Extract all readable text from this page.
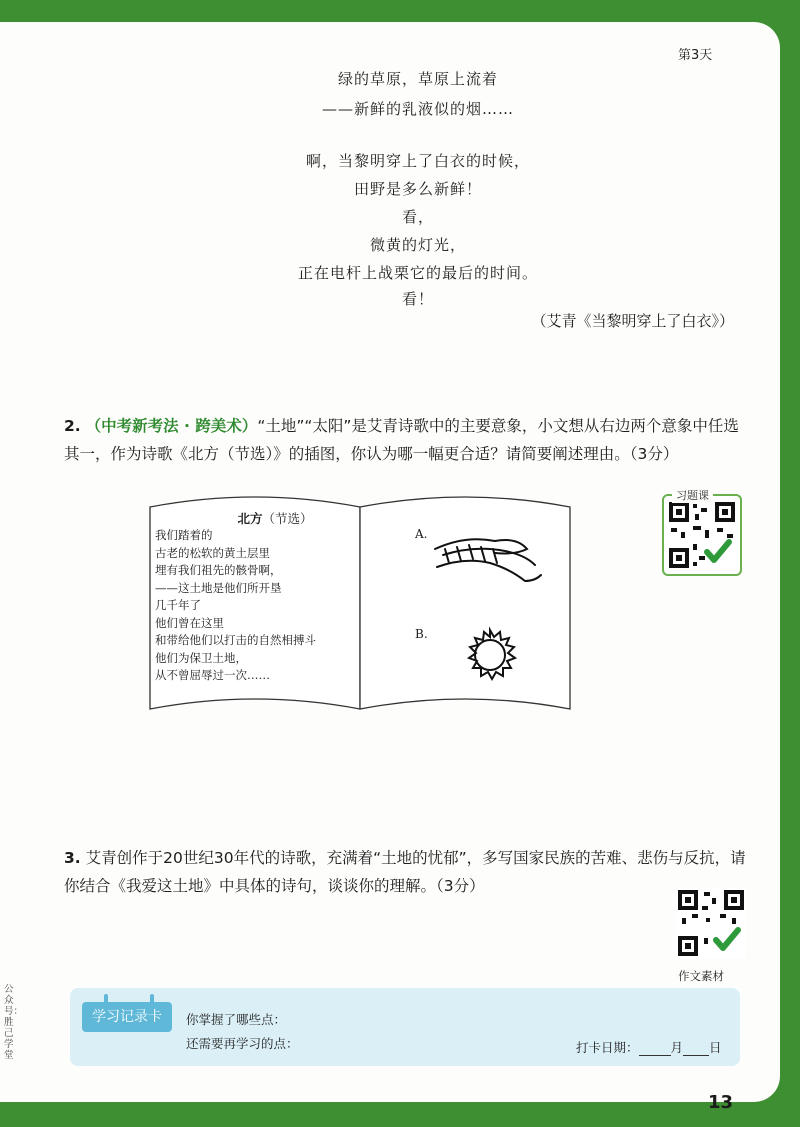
第3天
绿的草原，草原上流着
——新鲜的乳液似的烟……
啊，当黎明穿上了白衣的时候，
田野是多么新鲜！
看，
微黄的灯光，
正在电杆上战栗它的最后的时间。
看！
（艾青《当黎明穿上了白衣》）
2. （中考新考法 · 跨美术）“土地”“太阳”是艾青诗歌中的主要意象，小文想从右边两个意象中任选其一，作为诗歌《北方（节选）》的插图，你认为哪一幅更合适？请简要阐述理由。（3分）
北方（节选）
我们踏着的
古老的松软的黄土层里
埋有我们祖先的骸骨啊，
——这土地是他们所开垦
几千年了
他们曾在这里
和带给他们以打击的自然相搏斗
他们为保卫土地，
从不曾屈辱过一次……
A.
B.
习题课
3. 艾青创作于20世纪30年代的诗歌，充满着“土地的忧郁”，多写国家民族的苦难、悲伤与反抗，请你结合《我爱这土地》中具体的诗句，谈谈你的理解。（3分）
作文素材
学习记录卡	你掌握了哪些点：
还需要再学习的点：	打卡日期：	月 日
13
公众号：胜己学堂
